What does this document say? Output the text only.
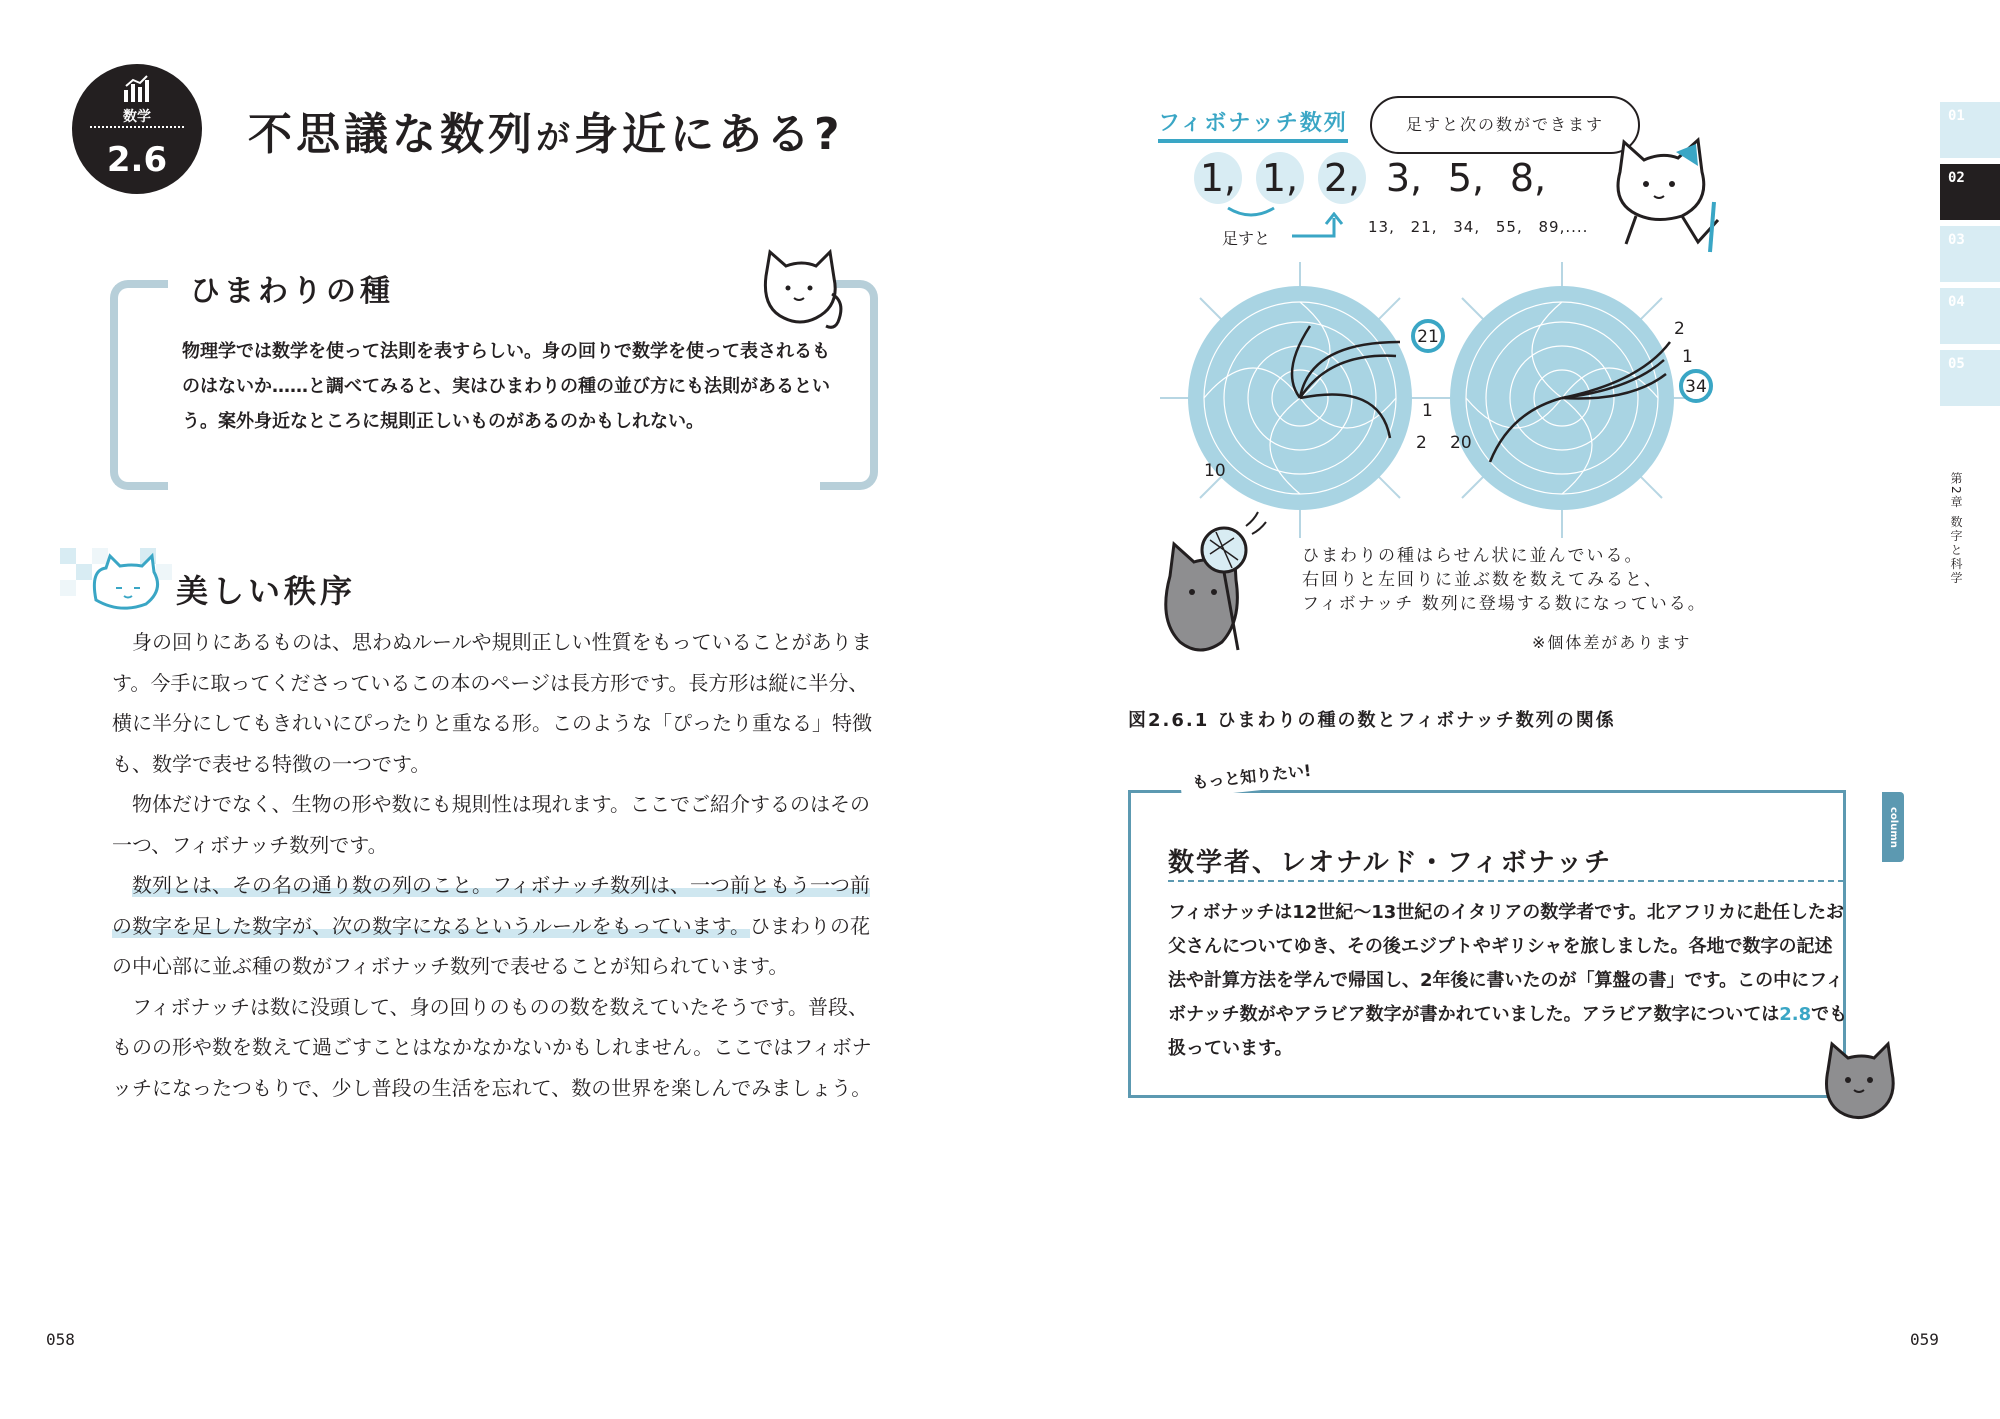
数学
2.6	不思議な数列が身近にある?
ひまわりの種
物理学では数学を使って法則を表すらしい。身の回りで数学を使って表されるものはないか……と調べてみると、実はひまわりの種の並び方にも法則があるという。案外身近なところに規則正しいものがあるのかもしれない。
美しい秩序

身の回りにあるものは、思わぬルールや規則正しい性質をもっていることがあります。今手に取ってくださっているこの本のページは長方形です。長方形は縦に半分、横に半分にしてもきれいにぴったりと重なる形。このような「ぴったり重なる」特徴も、数学で表せる特徴の一つです。

物体だけでなく、生物の形や数にも規則性は現れます。ここでご紹介するのはその一つ、フィボナッチ数列です。

数列とは、その名の通り数の列のこと。フィボナッチ数列は、一つ前ともう一つ前の数字を足した数字が、次の数字になるというルールをもっています。ひまわりの花の中心部に並ぶ種の数がフィボナッチ数列で表せることが知られています。

フィボナッチは数に没頭して、身の回りのものの数を数えていたそうです。普段、ものの形や数を数えて過ごすことはなかなかないかもしれません。ここではフィボナッチになったつもりで、少し普段の生活を忘れて、数の世界を楽しんでみましょう。

058
フィボナッチ数列	足すと次の数ができます
1, 1, 2, 3, 5, 8,
足すと
13, 21, 34, 55, 89,....
21
34
1
2
10
20
2
1
ひまわりの種はらせん状に並んでいる。
右回りと左回りに並ぶ数を数えてみると、
フィボナッチ 数列に登場する数になっている。
※個体差があります
図2.6.1 ひまわりの種の数とフィボナッチ数列の関係
もっと知りたい!
column
数学者、レオナルド・フィボナッチ
フィボナッチは12世紀〜13世紀のイタリアの数学者です。北アフリカに赴任したお父さんについてゆき、その後エジプトやギリシャを旅しました。各地で数字の記述法や計算方法を学んで帰国し、2年後に書いたのが「算盤の書」です。この中にフィボナッチ数がやアラビア数字が書かれていました。アラビア数字については2.8でも扱っています。
01
02
03
04
05
第2章 数字と科学
059
